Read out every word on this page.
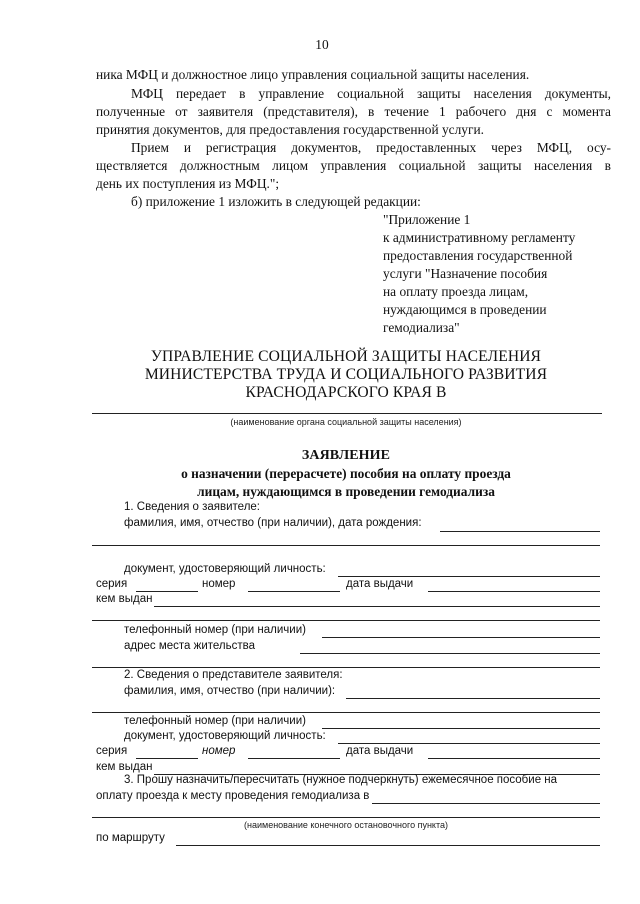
10
ника МФЦ и должностное лицо управления социальной защиты населения.
МФЦ передает в управление социальной защиты населения документы,
полученные от заявителя (представителя), в течение 1 рабочего дня с момента
принятия документов, для предоставления государственной услуги.
Прием и регистрация документов, предоставленных через МФЦ, осу-
ществляется должностным лицом управления социальной защиты населения в
день их поступления из МФЦ.";
б) приложение 1 изложить в следующей редакции:
"Приложение 1
к административному регламенту
предоставления государственной
услуги "Назначение пособия
на оплату проезда лицам,
нуждающимся в проведении
гемодиализа"
УПРАВЛЕНИЕ СОЦИАЛЬНОЙ ЗАЩИТЫ НАСЕЛЕНИЯ
МИНИСТЕРСТВА ТРУДА И СОЦИАЛЬНОГО РАЗВИТИЯ
КРАСНОДАРСКОГО КРАЯ В
(наименование органа социальной защиты населения)
ЗАЯВЛЕНИЕ
о назначении (перерасчете) пособия на оплату проезда
лицам, нуждающимся в проведении гемодиализа
1. Сведения о заявителе:
фамилия, имя, отчество (при наличии), дата рождения:
документ, удостоверяющий личность:
серия	номер	дата выдачи
кем выдан
телефонный номер (при наличии)
адрес места жительства
2. Сведения о представителе заявителя:
фамилия, имя, отчество (при наличии):
телефонный номер (при наличии)
документ, удостоверяющий личность:
серия	номер	дата выдачи
кем выдан
3. Прошу назначить/пересчитать (нужное подчеркнуть) ежемесячное пособие на
оплату проезда к месту проведения гемодиализа в
(наименование конечного остановочного пункта)
по маршруту
